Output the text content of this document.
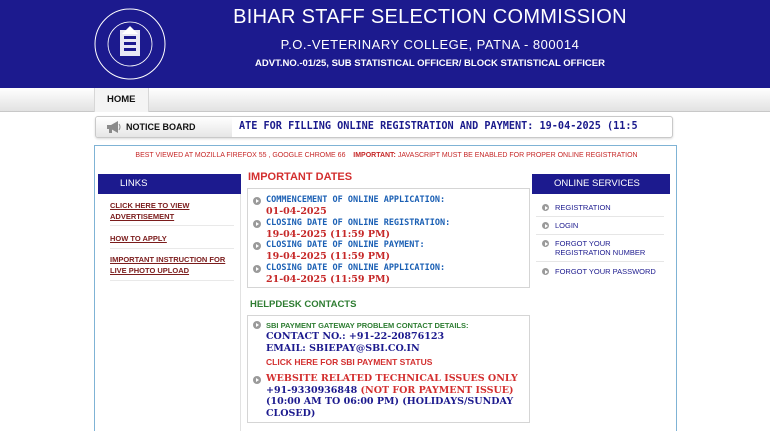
BIHAR STAFF SELECTION COMMISSION
P.O.-VETERINARY COLLEGE, PATNA - 800014
ADVT.NO.-01/25, SUB STATISTICAL OFFICER/ BLOCK STATISTICAL OFFICER
HOME
NOTICE BOARD	ATE FOR FILLING ONLINE REGISTRATION AND PAYMENT: 19-04-2025 (11:5
BEST VIEWED AT MOZILLA FIREFOX 55 , GOOGLE CHROME 66 IMPORTANT: JAVASCRIPT MUST BE ENABLED FOR PROPER ONLINE REGISTRATION
LINKS
CLICK HERE TO VIEW ADVERTISEMENT
HOW TO APPLY
IMPORTANT INSTRUCTION FOR LIVE PHOTO UPLOAD
IMPORTANT DATES
COMMENCEMENT OF ONLINE APPLICATION:
01-04-2025
CLOSING DATE OF ONLINE REGISTRATION:
19-04-2025 (11:59 PM)
CLOSING DATE OF ONLINE PAYMENT:
19-04-2025 (11:59 PM)
CLOSING DATE OF ONLINE APPLICATION:
21-04-2025 (11:59 PM)
HELPDESK CONTACTS
SBI PAYMENT GATEWAY PROBLEM CONTACT DETAILS:
CONTACT NO.: +91-22-20876123
EMAIL: SBIEPAY@SBI.CO.IN
CLICK HERE FOR SBI PAYMENT STATUS
WEBSITE RELATED TECHNICAL ISSUES ONLY
+91-9330936848 (NOT FOR PAYMENT ISSUE)
(10:00 AM TO 06:00 PM) (HOLIDAYS/SUNDAY CLOSED)
ONLINE SERVICES
REGISTRATION
LOGIN
FORGOT YOUR REGISTRATION NUMBER
FORGOT YOUR PASSWORD
